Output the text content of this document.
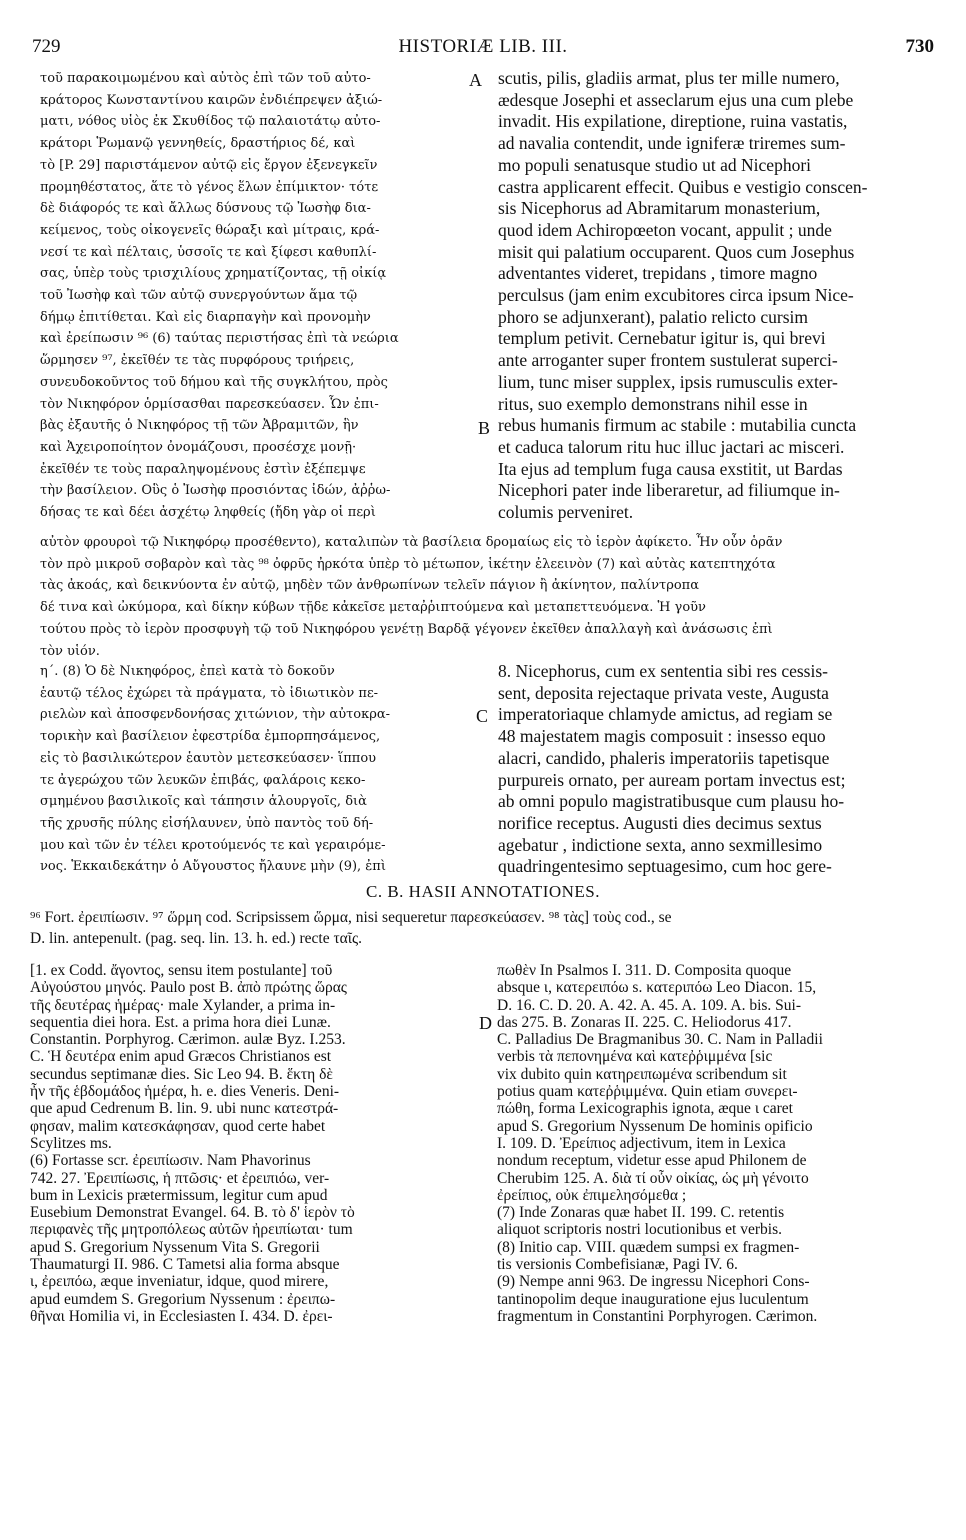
729	HISTORIÆ LIB. III.	730
τοῦ παρακοιμωμένου καὶ αὐτὸς ἐπὶ τῶν τοῦ αὐτο-
κράτορος Κωνσταντίνου καιρῶν ἐνδιέπρεψεν ἀξιώ-
ματι, νόθος υἱὸς ἐκ Σκυθίδος τῷ παλαιοτάτῳ αὐτο-
κράτορι Ῥωμανῷ γεννηθείς, δραστήριος δέ, καὶ
τὸ [P. 29] παριστάμενον αὐτῷ εἰς ἔργον ἐξενεγκεῖν
προμηθέστατος, ἅτε τὸ γένος ἕλων ἐπίμικτον· τότε
δὲ διάφορός τε καὶ ἄλλως δύσνους τῷ Ἰωσὴφ δια-
κείμενος, τοὺς οἰκογενεῖς θώραξι καὶ μίτραις, κρά-
νεσί τε καὶ πέλταις, ὑσσοῖς τε καὶ ξίφεσι καθυπλί-
σας, ὑπὲρ τοὺς τρισχιλίους χρηματίζοντας, τῇ οἰκίᾳ
τοῦ Ἰωσὴφ καὶ τῶν αὐτῷ συνεργούντων ἅμα τῷ
δήμῳ ἐπιτίθεται. Καὶ εἰς διαρπαγὴν καὶ προνομὴν
καὶ ἐρείπωσιν ⁹⁶ (6) ταύτας περιστήσας ἐπὶ τὰ νεώρια
ὥρμησεν ⁹⁷, ἐκεῖθέν τε τὰς πυρφόρους τριήρεις,
συνευδοκοῦντος τοῦ δήμου καὶ τῆς συγκλήτου, πρὸς
τὸν Νικηφόρον ὁρμίσασθαι παρεσκεύασεν. Ὧν ἐπι-
βὰς ἐξαυτῆς ὁ Νικηφόρος τῇ τῶν Ἀβραμιτῶν, ἣν
καὶ Ἀχειροποίητον ὀνομάζουσι, προσέσχε μονῇ·
ἐκεῖθέν τε τοὺς παραληψομένους ἐστὶν ἐξέπεμψε
τὴν βασίλειον. Οὓς ὁ Ἰωσὴφ προσιόντας ἰδών, ἀῤῥω-
δήσας τε καὶ δέει ἀσχέτῳ ληφθείς (ἤδη γὰρ οἱ περὶ
A scutis, pilis, gladiis armat, plus ter mille numero,
ædesque Josephi et asseclarum ejus una cum plebe
invadit. His expilatione, direptione, ruina vastatis,
ad navalia contendit, unde igniferæ triremes sum-
mo populi senatusque studio ut ad Nicephori
castra applicarent effecit. Quibus e vestigio conscen-
sis Nicephorus ad Abramitarum monasterium,
quod idem Achiropœeton vocant, appulit ; unde
misit qui palatium occuparent. Quos cum Josephus
adventantes videret, trepidans , timore magno
perculsus (jam enim excubitores circa ipsum Nice-
phoro se adjunxerant), palatio relicto cursim
templum petivit. Cernebatur igitur is, qui brevi
ante arroganter super frontem sustulerat superci-
lium, tunc miser supplex, ipsis rumusculis exter-
ritus, suo exemplo demonstrans nihil esse in
rebus humanis firmum ac stabile : mutabilia cuncta
et caduca talorum ritu huc illuc jactari ac misceri.
Ita ejus ad templum fuga causa exstitit, ut Bardas
Nicephori pater inde liberaretur, ad filiumque in-
columis perveniret.
B
αὐτὸν φρουροὶ τῷ Νικηφόρῳ προσέθεντο), καταλιπὼν τὰ βασίλεια δρομαίως εἰς τὸ ἱερὸν ἀφίκετο. Ἦν οὖν ὁρᾶν
τὸν πρὸ μικροῦ σοβαρὸν καὶ τὰς ⁹⁸ ὀφρῦς ἠρκότα ὑπὲρ τὸ μέτωπον, ἱκέτην ἐλεεινὸν (7) καὶ αὐτὰς κατεπτηχότα
τὰς ἀκοάς, καὶ δεικνύοντα ἐν αὐτῷ, μηδὲν τῶν ἀνθρωπίνων τελεῖν πάγιον ἢ ἀκίνητον, παλίντροπα
δέ τινα καὶ ὠκύμορα, καὶ δίκην κύβων τῇδε κἀκεῖσε μεταῤῥιπτούμενα καὶ μεταπεττευόμενα. Ἡ γοῦν
τούτου πρὸς τὸ ἱερὸν προσφυγὴ τῷ τοῦ Νικηφόρου γενέτῃ Βαρδᾷ γέγονεν ἐκεῖθεν ἀπαλλαγὴ καὶ ἀνάσωσις ἐπὶ
τὸν υἱόν.
η΄. (8) Ὁ δὲ Νικηφόρος, ἐπεὶ κατὰ τὸ δοκοῦν
ἑαυτῷ τέλος ἐχώρει τὰ πράγματα, τὸ ἰδιωτικὸν πε-
ριελὼν καὶ ἀποσφενδονήσας χιτώνιον, τὴν αὐτοκρα-
τορικὴν καὶ βασίλειον ἐφεστρίδα ἐμπορπησάμενος,
εἰς τὸ βασιλικώτερον ἑαυτὸν μετεσκεύασεν· ἵππου
τε ἀγερώχου τῶν λευκῶν ἐπιβάς, φαλάροις κεκο-
σμημένου βασιλικοῖς καὶ τάπησιν ἁλουργοῖς, διὰ
τῆς χρυσῆς πύλης εἰσήλαυνεν, ὑπὸ παντὸς τοῦ δή-
μου καὶ τῶν ἐν τέλει κροτούμενός τε καὶ γεραιρόμε-
νος. Ἑκκαιδεκάτην ὁ Αὔγουστος ἤλαυνε μὴν (9), ἐπὶ
C
8. Nicephorus, cum ex sententia sibi res cessis-
sent, deposita rejectaque privata veste, Augusta
imperatoriaque chlamyde amictus, ad regiam se
48 majestatem magis composuit : insesso equo
alacri, candido, phaleris imperatoriis tapetisque
purpureis ornato, per auream portam invectus est;
ab omni populo magistratibusque cum plausu ho-
norifice receptus. Augusti dies decimus sextus
agebatur , indictione sexta, anno sexmillesimo
quadringentesimo septuagesimo, cum hoc gere-
C. B. HASII ANNOTATIONES.
⁹⁶ Fort. ἐρειπίωσιν. ⁹⁷ ὥρμη cod. Scripsissem ὥρμα, nisi sequeretur παρεσκεύασεν. ⁹⁸ τὰς] τοὺς cod., se
D. lin. antepenult. (pag. seq. lin. 13. h. ed.) recte ταῖς.
[1. ex Codd. ἄγοντος, sensu item postulante] τοῦ
Αὐγούστου μηνός. Paulo post B. ἀπὸ πρώτης ὥρας
τῆς δευτέρας ἡμέρας· male Xylander, a prima in-
sequentia diei hora. Est. a prima hora diei Lunæ.
Constantin. Porphyrog. Cærimon. aulæ Byz. I.253.
C. Ἡ δευτέρα enim apud Græcos Christianos est
secundus septimanæ dies. Sic Leo 94. B. ἕκτη δὲ
ἦν τῆς ἑβδομάδος ἡμέρα, h. e. dies Veneris. Deni-
que apud Cedrenum B. lin. 9. ubi nunc κατεστρά-
φησαν, malim κατεσκάφησαν, quod certe habet
Scylitzes ms.
(6) Fortasse scr. ἐρειπίωσιν. Nam Phavorinus
742. 27. Ἐρειπίωσις, ἡ πτῶσις· et ἐρειπιόω, ver-
bum in Lexicis prætermissum, legitur cum apud
Eusebium Demonstrat Evangel. 64. B. τὸ δ' ἱερὸν τὸ
περιφανὲς τῆς μητροπόλεως αὐτῶν ἠρειπίωται· tum
apud S. Gregorium Nyssenum Vita S. Gregorii
Thaumaturgi II. 986. C Tametsi alia forma absque
ι, ἐρειπόω, æque inveniatur, idque, quod mirere,
apud eumdem S. Gregorium Nyssenum : ἐρειπω-
θῆναι Homilia vi, in Ecclesiasten I. 434. D. ἐρει-
D
πωθὲν In Psalmos I. 311. D. Composita quoque
absque ι, κατερειπόω s. κατεριπόω Leo Diacon. 15,
D. 16. C. D. 20. A. 42. A. 45. A. 109. A. bis. Sui-
das 275. B. Zonaras II. 225. C. Heliodorus 417.
C. Palladius De Bragmanibus 30. C. Nam in Palladii
verbis τὰ πεπονημένα καὶ κατεῤῥιμμένα [sic
vix dubito quin κατηρειπωμένα scribendum sit
potius quam κατεῤῥιμμένα. Quin etiam συνερει-
πώθη, forma Lexicographis ignota, æque ι caret
apud S. Gregorium Nyssenum De hominis opificio
I. 109. D. Ἐρείπιος adjectivum, item in Lexica
nondum receptum, videtur esse apud Philonem de
Cherubim 125. A. διὰ τί οὖν οἰκίας, ὡς μὴ γένοιτο
ἐρείπιος, οὐκ ἐπιμελησόμεθα ;
(7) Inde Zonaras quæ habet II. 199. C. retentis
aliquot scriptoris nostri locutionibus et verbis.
(8) Initio cap. VIII. quædem sumpsi ex fragmen-
tis versionis Combefisianæ, Pagi IV. 6.
(9) Nempe anni 963. De ingressu Nicephori Cons-
tantinopolim deque inauguratione ejus luculentum
fragmentum in Constantini Porphyrogen. Cærimon.
